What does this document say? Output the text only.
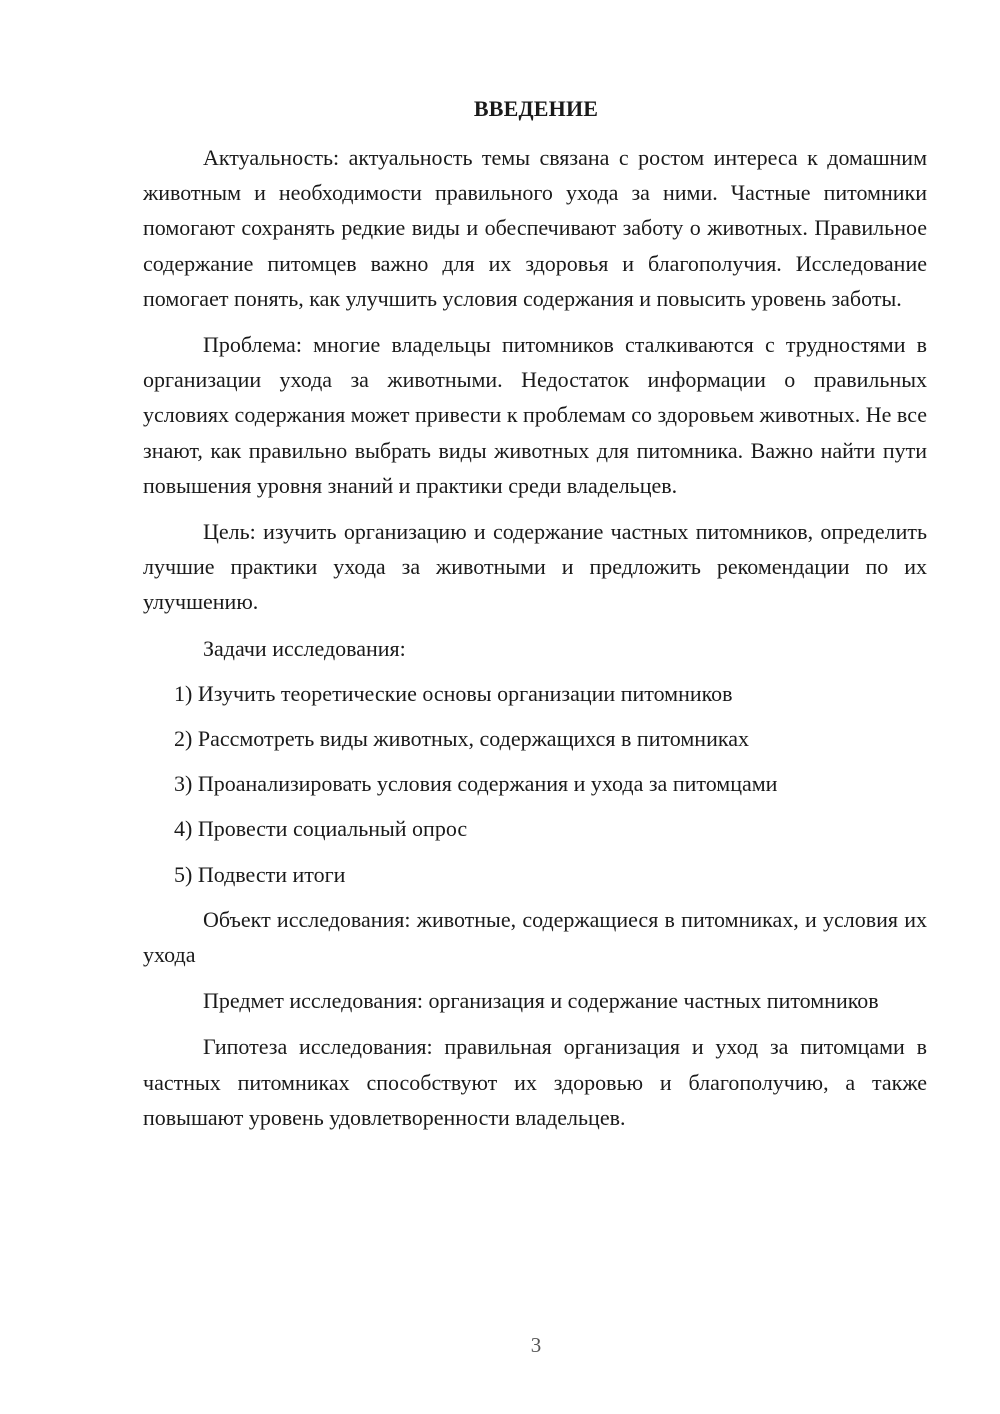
ВВЕДЕНИЕ

Актуальность: актуальность темы связана с ростом интереса к домашним животным и необходимости правильного ухода за ними. Частные питомники помогают сохранять редкие виды и обеспечивают заботу о животных. Правильное содержание питомцев важно для их здоровья и благополучия. Исследование помогает понять, как улучшить условия содержания и повысить уровень заботы.

Проблема: многие владельцы питомников сталкиваются с трудностями в организации ухода за животными. Недостаток информации о правильных условиях содержания может привести к проблемам со здоровьем животных. Не все знают, как правильно выбрать виды животных для питомника. Важно найти пути повышения уровня знаний и практики среди владельцев.

Цель: изучить организацию и содержание частных питомников, определить лучшие практики ухода за животными и предложить рекомендации по их улучшению.

Задачи исследования:

1) Изучить теоретические основы организации питомников
2) Рассмотреть виды животных, содержащихся в питомниках
3) Проанализировать условия содержания и ухода за питомцами
4) Провести социальный опрос
5) Подвести итоги

Объект исследования: животные, содержащиеся в питомниках, и условия их ухода

Предмет исследования: организация и содержание частных питомников

Гипотеза исследования: правильная организация и уход за питомцами в частных питомниках способствуют их здоровью и благополучию, а также повышают уровень удовлетворенности владельцев.

3
